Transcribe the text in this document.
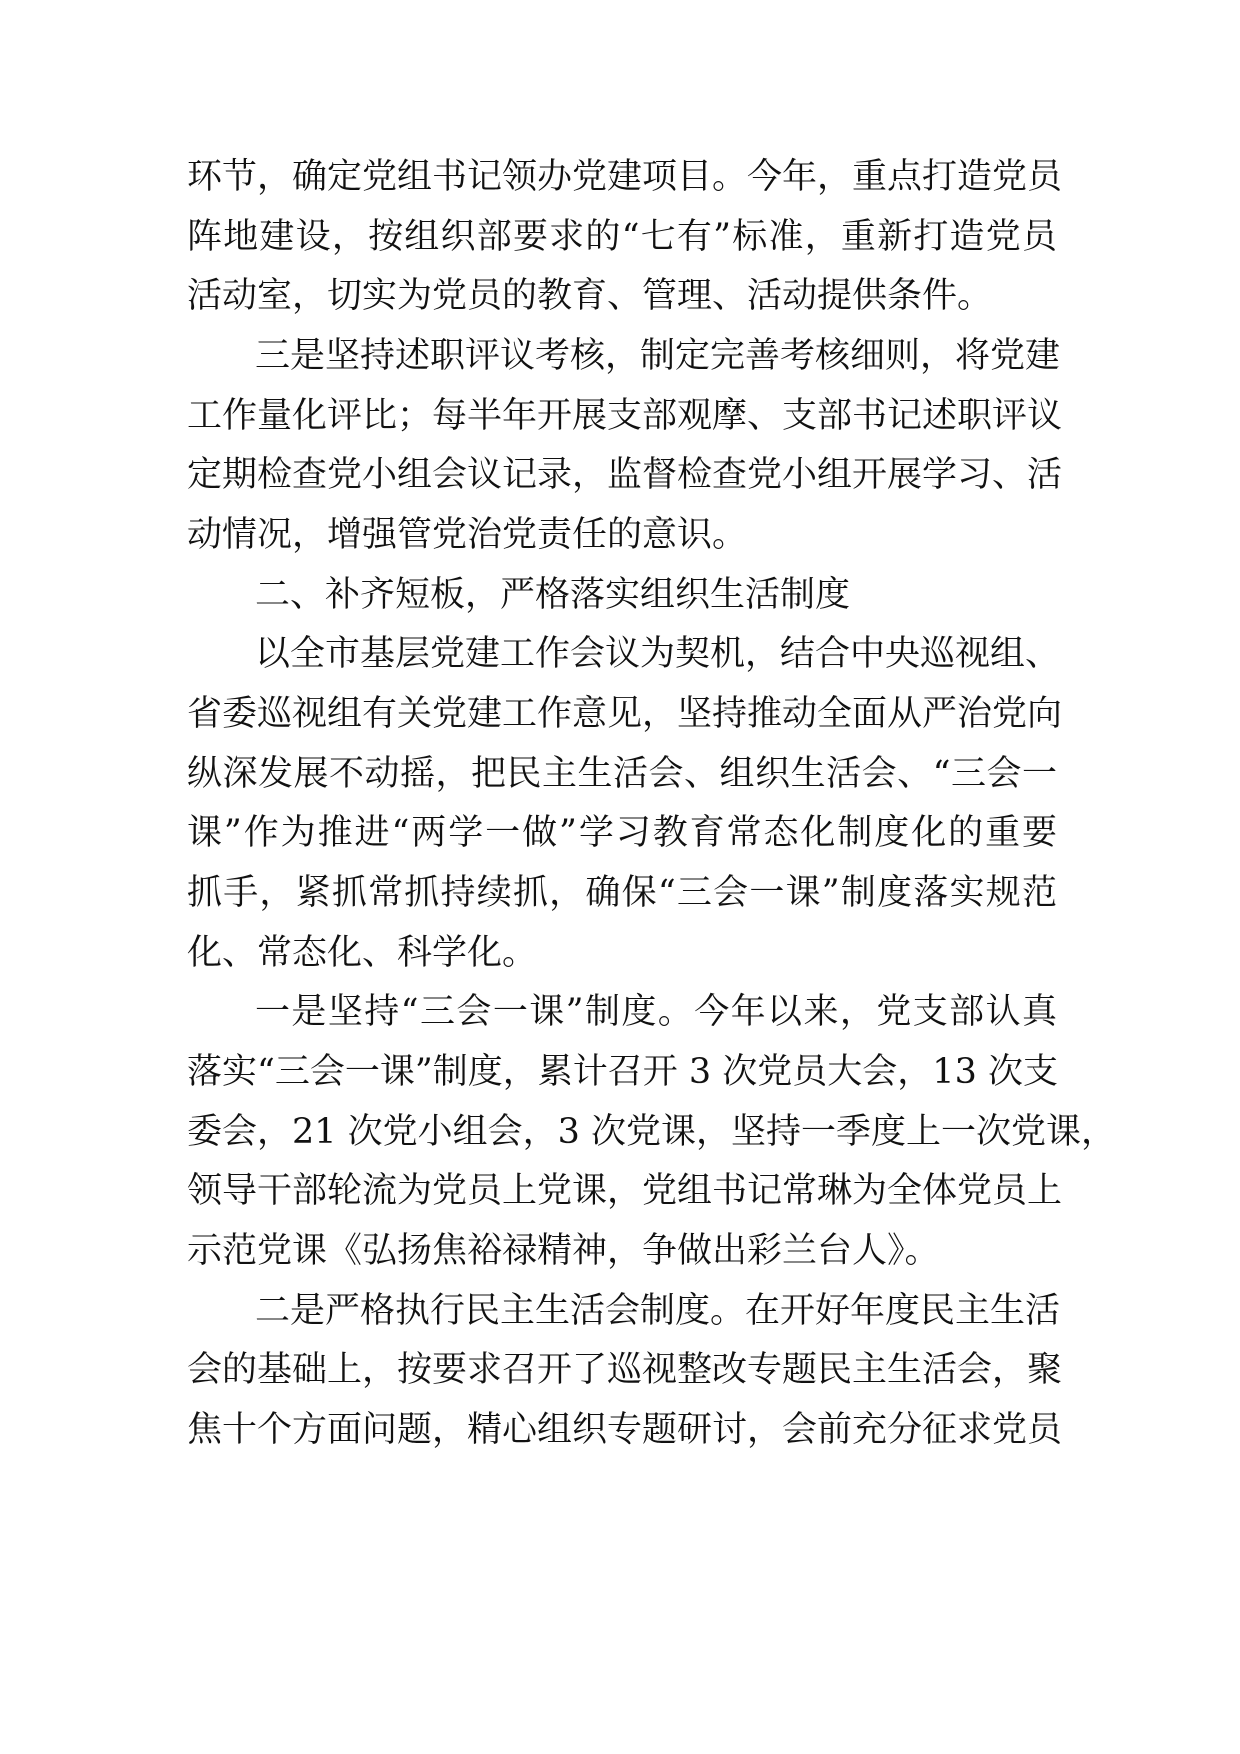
环节，确定党组书记领办党建项目。今年，重点打造党员
阵地建设，按组织部要求的“七有”标准，重新打造党员
活动室，切实为党员的教育、管理、活动提供条件。
三是坚持述职评议考核，制定完善考核细则，将党建
工作量化评比；每半年开展支部观摩、支部书记述职评议
定期检查党小组会议记录，监督检查党小组开展学习、活
动情况，增强管党治党责任的意识。
二、补齐短板，严格落实组织生活制度
以全市基层党建工作会议为契机，结合中央巡视组、
省委巡视组有关党建工作意见，坚持推动全面从严治党向
纵深发展不动摇，把民主生活会、组织生活会、“三会一
课”作为推进“两学一做”学习教育常态化制度化的重要
抓手，紧抓常抓持续抓，确保“三会一课”制度落实规范
化、常态化、科学化。
一是坚持“三会一课”制度。今年以来，党支部认真
落实“三会一课”制度，累计召开 3 次党员大会，13 次支
委会，21 次党小组会，3 次党课，坚持一季度上一次党课，
领导干部轮流为党员上党课，党组书记常琳为全体党员上
示范党课《弘扬焦裕禄精神，争做出彩兰台人》。
二是严格执行民主生活会制度。在开好年度民主生活
会的基础上，按要求召开了巡视整改专题民主生活会，聚
焦十个方面问题，精心组织专题研讨，会前充分征求党员
